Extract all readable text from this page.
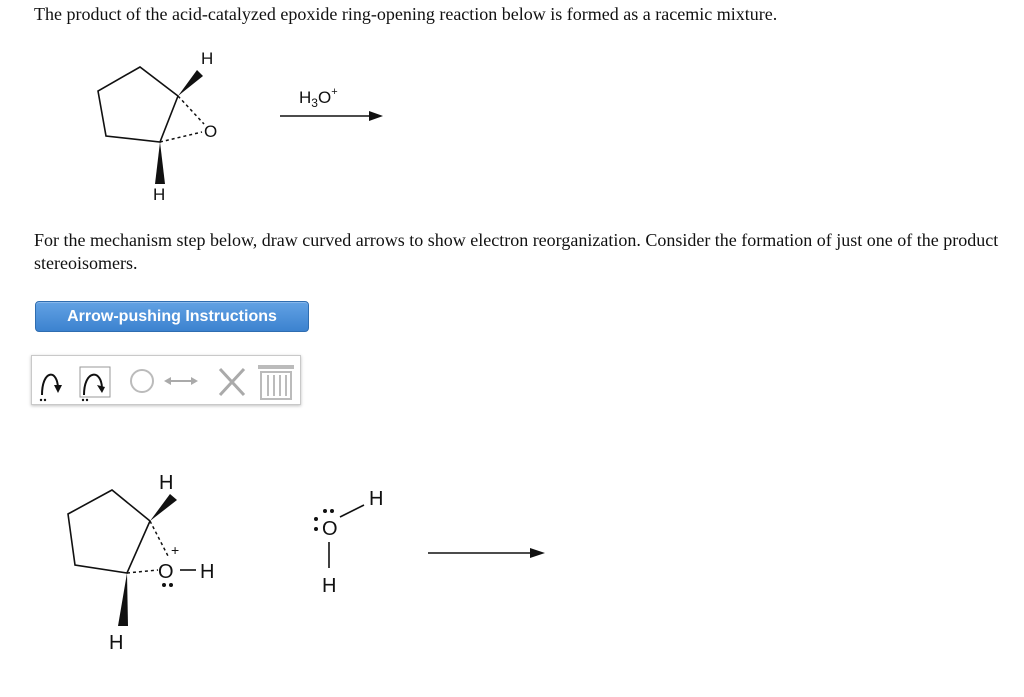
The product of the acid-catalyzed epoxide ring-opening reaction below is formed as a racemic mixture.

H
O
H
$H_3O^+$

For the mechanism step below, draw curved arrows to show electron reorganization. Consider the formation of just one of the product stereoisomers.

Arrow-pushing Instructions
H
O
+
H
H
O
H
H
